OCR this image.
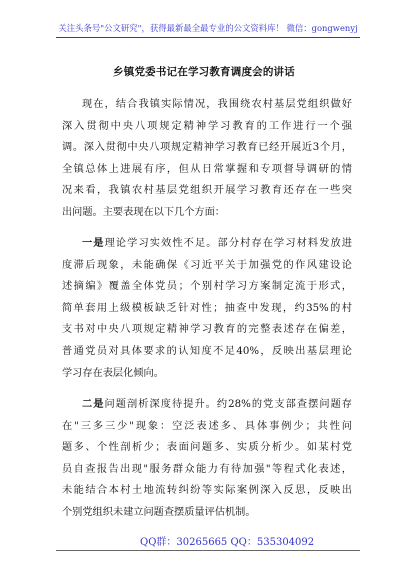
关注头条号"公文研究"，获得最新最全最专业的公文资料库！ 微信：gongwenyj
乡镇党委书记在学习教育调度会的讲话
现在，结合我镇实际情况，我围绕农村基层党组织做好
深入贯彻中央八项规定精神学习教育的工作进行一个强
调。深入贯彻中央八项规定精神学习教育已经开展近3个月，
全镇总体上进展有序，但从日常掌握和专项督导调研的情
况来看，我镇农村基层党组织开展学习教育还存在一些突
出问题。主要表现在以下几个方面：
一是理论学习实效性不足。部分村存在学习材料发放进
度滞后现象，未能确保《习近平关于加强党的作风建设论
述摘编》覆盖全体党员；个别村学习方案制定流于形式，
简单套用上级模板缺乏针对性；抽查中发现，约35%的村
支书对中央八项规定精神学习教育的完整表述存在偏差，
普通党员对具体要求的认知度不足40%，反映出基层理论
学习存在表层化倾向。
二是问题剖析深度待提升。约28%的党支部查摆问题存
在"三多三少"现象：空泛表述多、具体事例少；共性问
题多、个性剖析少；表面问题多、实质分析少。如某村党
员自查报告出现"服务群众能力有待加强"等程式化表述，
未能结合本村土地流转纠纷等实际案例深入反思，反映出
个别党组织未建立问题查摆质量评估机制。
QQ群：30265665 QQ：535304092
